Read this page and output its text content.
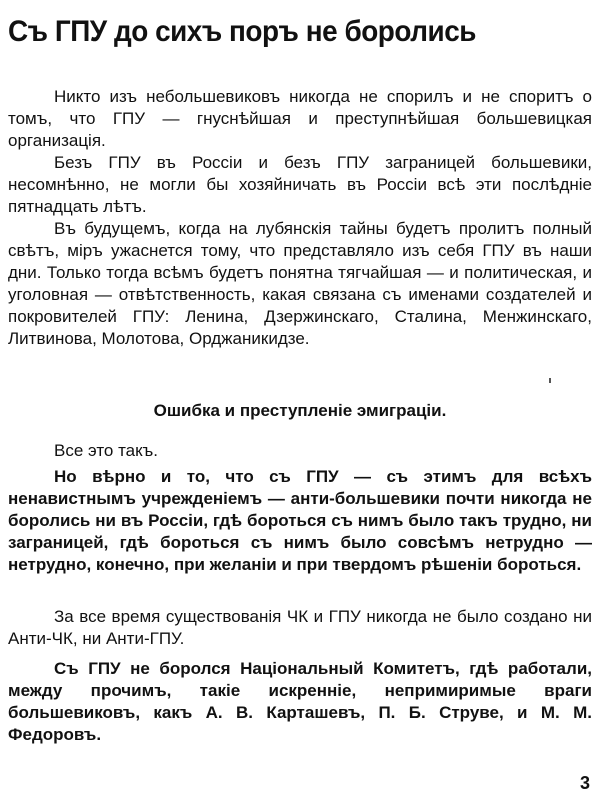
Съ ГПУ до сихъ поръ не боролись

Никто изъ небольшевиковъ никогда не спорилъ и не споритъ о томъ, что ГПУ — гнуснѣйшая и преступнѣйшая большевицкая организація.

Безъ ГПУ въ Россіи и безъ ГПУ заграницей большевики, несомнѣнно, не могли бы хозяйничать въ Россіи всѣ эти послѣдніе пятнадцать лѣтъ.

Въ будущемъ, когда на лубянскія тайны будетъ пролитъ полный свѣтъ, міръ ужаснется тому, что представляло изъ себя ГПУ въ наши дни. Только тогда всѣмъ будетъ понятна тягчайшая — и политическая, и уголовная — отвѣтственность, какая связана съ именами создателей и покровителей ГПУ: Ленина, Дзержинскаго, Сталина, Менжинскаго, Литвинова, Молотова, Орджаникидзе.

Ошибка и преступленіе эмиграціи.

Все это такъ.

Но вѣрно и то, что съ ГПУ — съ этимъ для всѣхъ ненавистнымъ учрежденіемъ — анти-большевики почти никогда не боролись ни въ Россіи, гдѣ бороться съ нимъ было такъ трудно, ни заграницей, гдѣ бороться съ нимъ было совсѣмъ нетрудно — нетрудно, конечно, при желаніи и при твердомъ рѣшеніи бороться.

За все время существованія ЧК и ГПУ никогда не было создано ни Анти-ЧК, ни Анти-ГПУ.

Съ ГПУ не боролся Національный Комитетъ, гдѣ работали, между прочимъ, такіе искренніе, непримиримые враги большевиковъ, какъ А. В. Карташевъ, П. Б. Струве, и М. М. Федоровъ.

3
